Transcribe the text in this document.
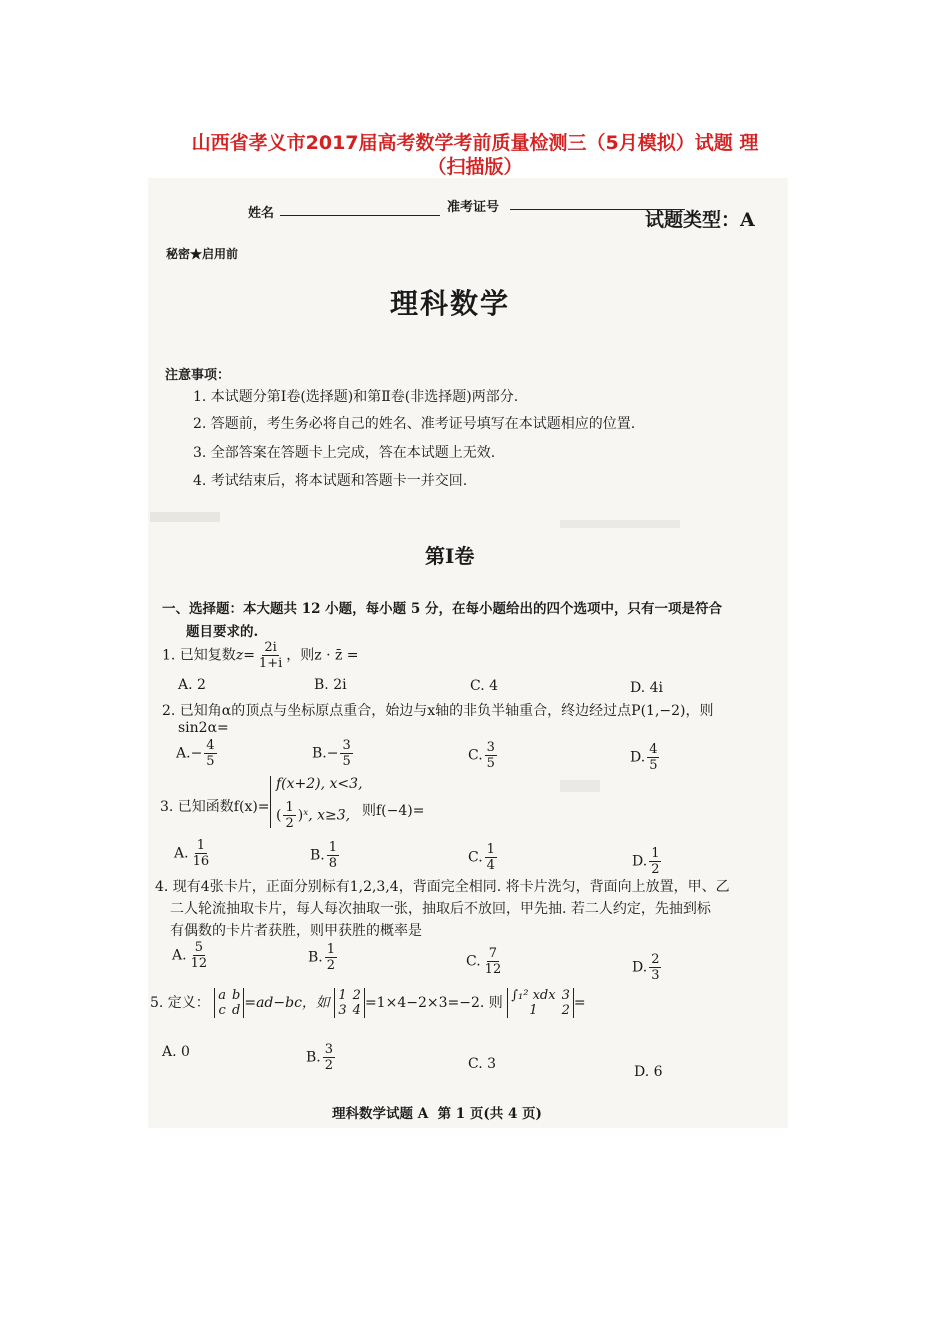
山西省孝义市2017届高考数学考前质量检测三（5月模拟）试题 理
（扫描版）
姓名	准考证号
试题类型：A
秘密★启用前
理科数学
注意事项：
1. 本试题分第Ⅰ卷(选择题)和第Ⅱ卷(非选择题)两部分.
2. 答题前，考生务必将自己的姓名、准考证号填写在本试题相应的位置.
3. 全部答案在答题卡上完成，答在本试题上无效.
4. 考试结束后，将本试题和答题卡一并交回.
第Ⅰ卷
一、选择题：本大题共 12 小题，每小题 5 分，在每小题给出的四个选项中，只有一项是符合
题目要求的.
1. 已知复数$z= \frac{2i}{1+i}$ ，则z · z̄ =
A. 2	B. 2i	C. 4	D. 4i
2. 已知角α的顶点与坐标原点重合，始边与x轴的非负半轴重合，终边经过点P(1,−2)，则
sin2α=
$A.- \frac{4}{5}$	$B.- \frac{3}{5}$	C. $\frac{3}{5}$	D. $\frac{4}{5}$
3. 已知函数f(x)=
f(x+2), x<3,
( $\frac{1}{2}$ )ˣ, x≥3, 则f(−4)=
A. $\frac{1}{16}$	B. $\frac{1}{8}$	C. $\frac{1}{4}$	D. $\frac{1}{2}$
4. 现有4张卡片，正面分别标有1,2,3,4，背面完全相同. 将卡片洗匀，背面向上放置，甲、乙
二人轮流抽取卡片，每人每次抽取一张，抽取后不放回，甲先抽. 若二人约定，先抽到标
有偶数的卡片者获胜，则甲获胜的概率是
A. $\frac{5}{12}$	B. $\frac{1}{2}$	C. $\frac{7}{12}$	D. $\frac{2}{3}$
5. 定义： a	b
c	d =ad−bc，如 1	2
3	4 =1×4−2×3=−2. 则 ∫₁² xdx	3
1	2 =
A. 0	B. $\frac{3}{2}$	C. 3	D. 6
理科数学试题 A  第 1 页(共 4 页)
